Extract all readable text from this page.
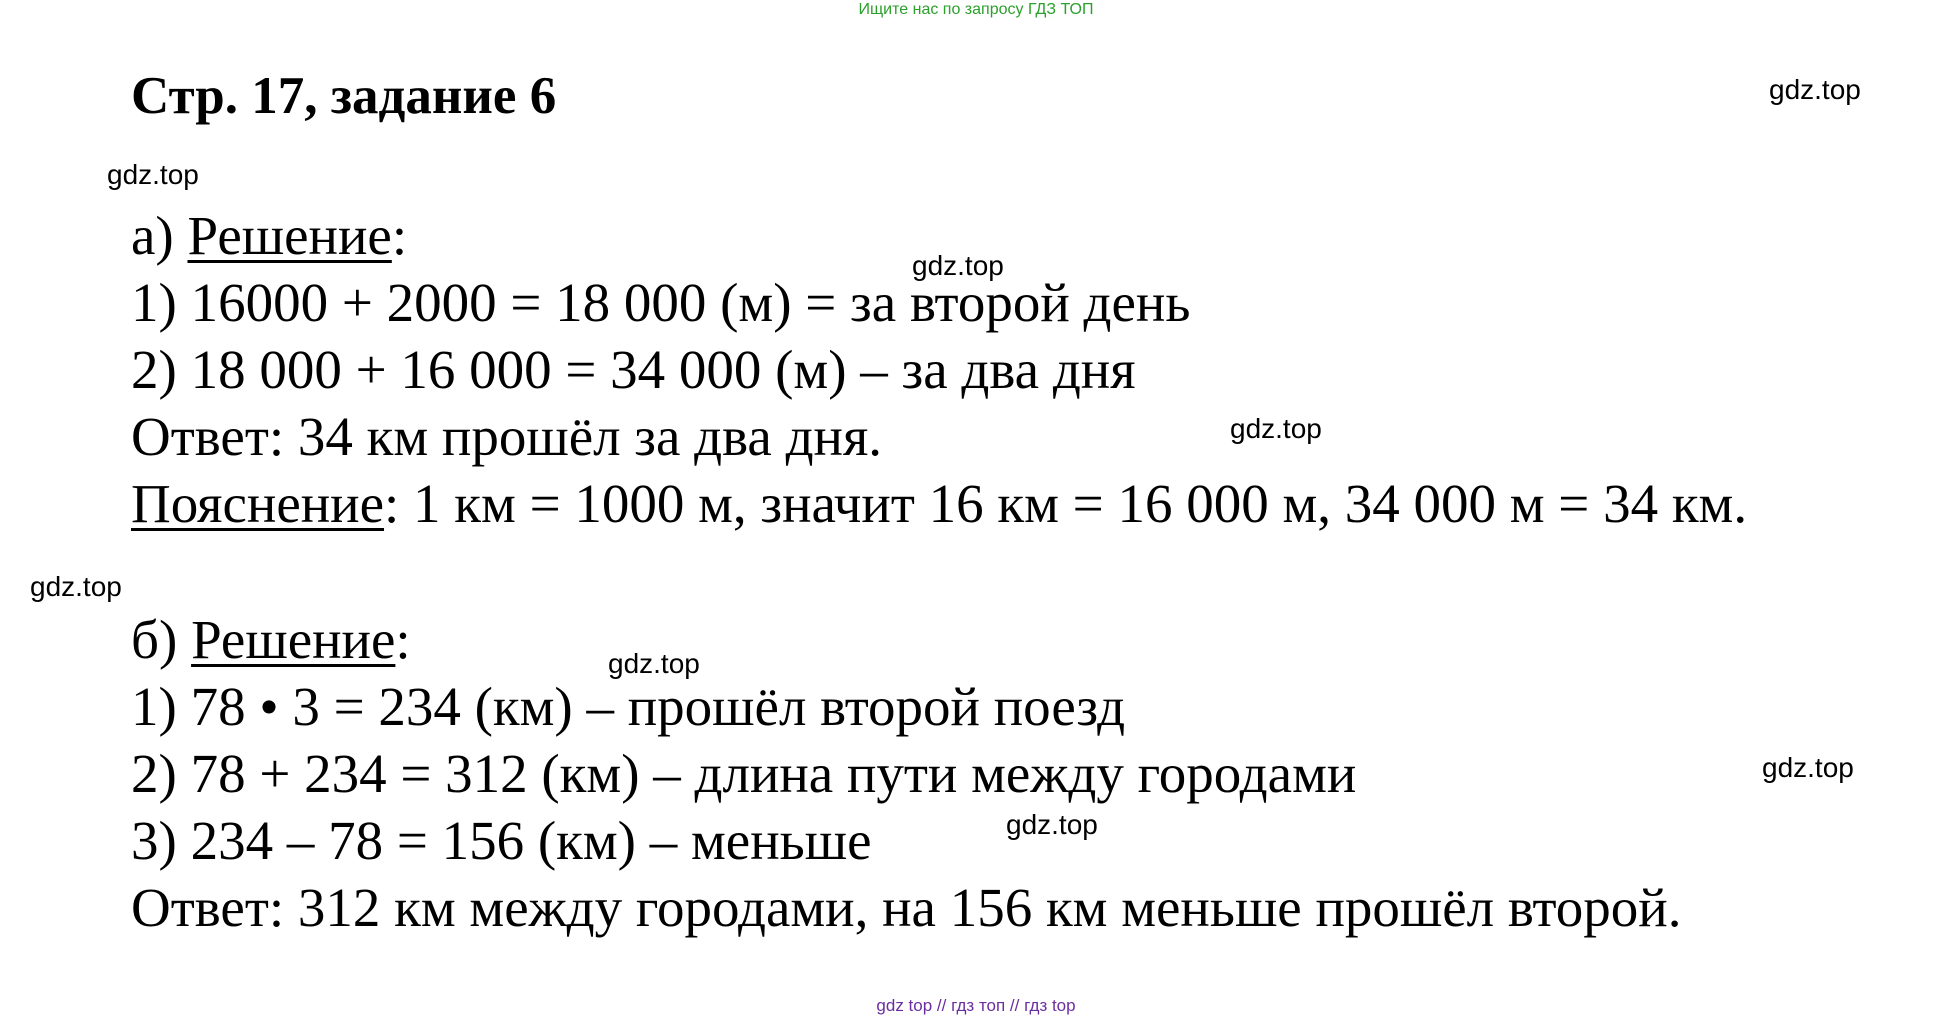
Ищите нас по запросу ГДЗ ТОП
Стр. 17, задание 6	gdz.top
gdz.top
gdz.top
gdz.top
gdz.top
gdz.top
gdz.top
gdz.top
а) Решение:
1) 16000 + 2000 = 18 000 (м) = за второй день
2) 18 000 + 16 000 = 34 000 (м) – за два дня
Ответ: 34 км прошёл за два дня.
Пояснение: 1 км = 1000 м, значит 16 км = 16 000 м, 34 000 м = 34 км.
б) Решение:
1) 78 • 3 = 234 (км) – прошёл второй поезд
2) 78 + 234 = 312 (км) – длина пути между городами
3) 234 – 78 = 156 (км) – меньше
Ответ: 312 км между городами, на 156 км меньше прошёл второй.
gdz top // гдз топ // гдз top
